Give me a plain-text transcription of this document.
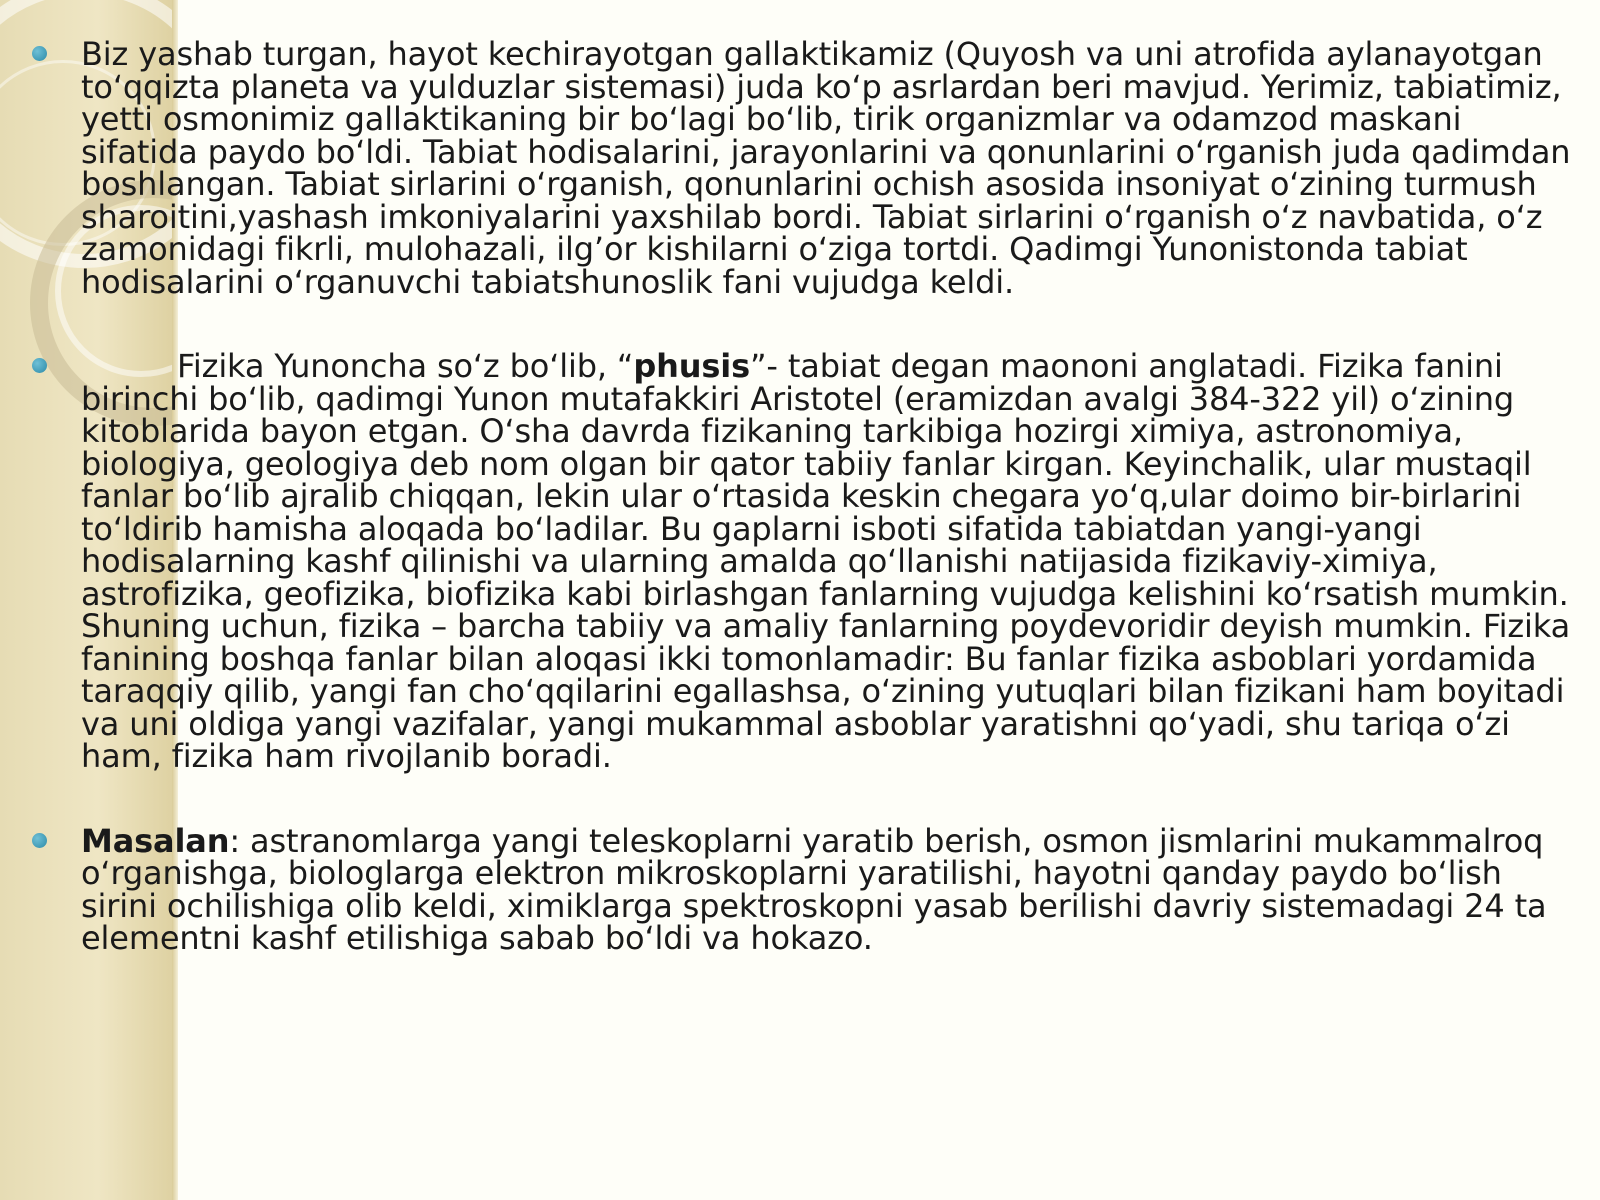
Biz yashab turgan, hayot kechirayotgan gallaktikamiz (Quyosh va uni atrofida aylanayotgan to‘qqizta planeta va yulduzlar sistemasi) juda ko‘p asrlardan beri mavjud. Yerimiz, tabiatimiz, yetti osmonimiz gallaktikaning bir bo‘lagi bo‘lib, tirik organizmlar va odamzod maskani sifatida paydo bo‘ldi. Tabiat hodisalarini, jarayonlarini va qonunlarini o‘rganish juda qadimdan boshlangan. Tabiat sirlarini o‘rganish, qonunlarini ochish asosida insoniyat o‘zining turmush sharoitini,yashash imkoniyalarini yaxshilab bordi. Tabiat sirlarini o‘rganish o‘z navbatida, o‘z zamonidagi fikrli, mulohazali, ilg’or kishilarni o‘ziga tortdi. Qadimgi Yunonistonda tabiat hodisalarini o‘rganuvchi tabiatshunoslik fani vujudga keldi.
Fizika Yunoncha so‘z bo‘lib, “phusis”- tabiat degan maononi anglatadi. Fizika fanini birinchi bo‘lib, qadimgi Yunon mutafakkiri Aristotel (eramizdan avalgi 384-322 yil) o‘zining kitoblarida bayon etgan. O‘sha davrda fizikaning tarkibiga hozirgi ximiya, astronomiya, biologiya, geologiya deb nom olgan bir qator tabiiy fanlar kirgan. Keyinchalik, ular mustaqil fanlar bo‘lib ajralib chiqqan, lekin ular o‘rtasida keskin chegara yo‘q,ular doimo bir-birlarini to‘ldirib hamisha aloqada bo‘ladilar. Bu gaplarni isboti sifatida tabiatdan yangi-yangi hodisalarning kashf qilinishi va ularning amalda qo‘llanishi natijasida fizikaviy-ximiya, astrofizika, geofizika, biofizika kabi birlashgan fanlarning vujudga kelishini ko‘rsatish mumkin. Shuning uchun, fizika – barcha tabiiy va amaliy fanlarning poydevoridir deyish mumkin. Fizika fanining boshqa fanlar bilan aloqasi ikki tomonlamadir: Bu fanlar fizika asboblari yordamida taraqqiy qilib, yangi fan cho‘qqilarini egallashsa, o‘zining yutuqlari bilan fizikani ham boyitadi va uni oldiga yangi vazifalar, yangi mukammal asboblar yaratishni qo‘yadi, shu tariqa o‘zi ham, fizika ham rivojlanib boradi.
Masalan: astranomlarga yangi teleskoplarni yaratib berish, osmon jismlarini mukammalroq o‘rganishga, biologlarga elektron mikroskoplarni yaratilishi, hayotni qanday paydo bo‘lish sirini ochilishiga olib keldi, ximiklarga spektroskopni yasab berilishi davriy sistemadagi 24 ta elementni kashf etilishiga sabab bo‘ldi va hokazo.
